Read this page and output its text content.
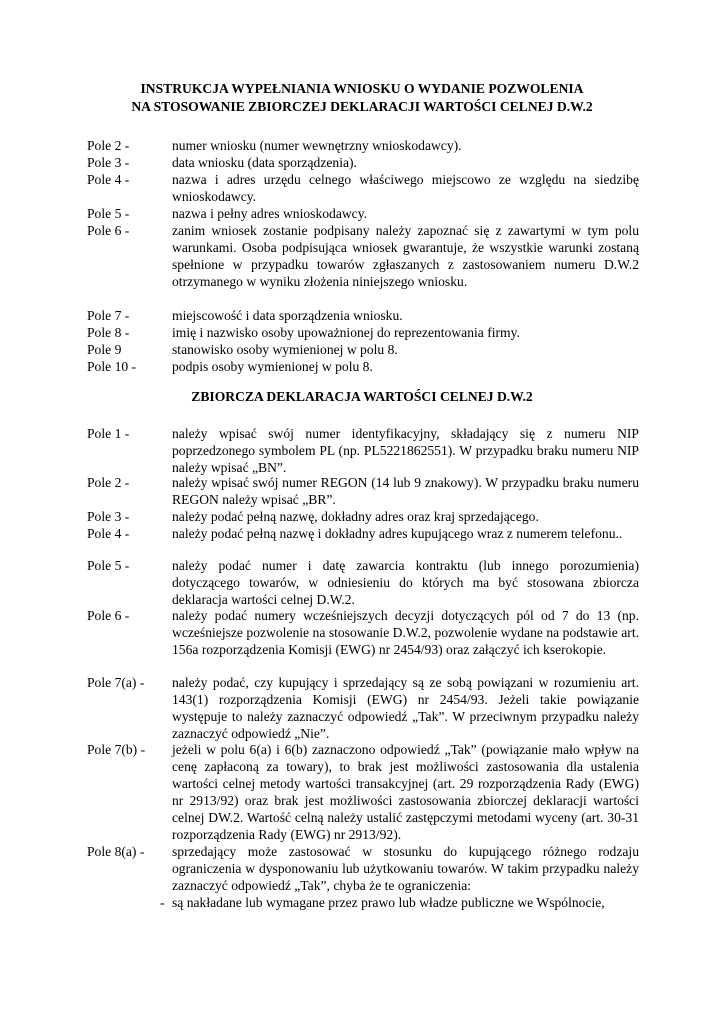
INSTRUKCJA WYPEŁNIANIA WNIOSKU O WYDANIE POZWOLENIA
NA STOSOWANIE ZBIORCZEJ DEKLARACJI WARTOŚCI CELNEJ D.W.2
Pole 2 -	numer wniosku (numer wewnętrzny wnioskodawcy).
Pole 3 -	data wniosku (data sporządzenia).
Pole 4 -	nazwa i adres urzędu celnego właściwego miejscowo ze względu na siedzibę wnioskodawcy.
Pole 5 -	nazwa i pełny adres wnioskodawcy.
Pole 6 -	zanim wniosek zostanie podpisany należy zapoznać się z zawartymi w tym polu warunkami. Osoba podpisująca wniosek gwarantuje, że wszystkie warunki zostaną spełnione w przypadku towarów zgłaszanych z zastosowaniem numeru D.W.2 otrzymanego w wyniku złożenia niniejszego wniosku.
Pole 7 -	miejscowość i data sporządzenia wniosku.
Pole 8 -	imię i nazwisko osoby upoważnionej do reprezentowania firmy.
Pole 9	stanowisko osoby wymienionej w polu 8.
Pole 10 -	podpis osoby wymienionej w polu 8.
ZBIORCZA DEKLARACJA WARTOŚCI CELNEJ D.W.2
Pole 1 -	należy wpisać swój numer identyfikacyjny, składający się z numeru NIP poprzedzonego symbolem PL (np. PL5221862551). W przypadku braku numeru NIP należy wpisać „BN”.
Pole 2 -	należy wpisać swój numer REGON (14 lub 9 znakowy). W przypadku braku numeru REGON należy wpisać „BR”.
Pole 3 -	należy podać pełną nazwę, dokładny adres oraz kraj sprzedającego.
Pole 4 -	należy podać pełną nazwę i dokładny adres kupującego wraz z numerem telefonu..
Pole 5 -	należy podać numer i datę zawarcia kontraktu (lub innego porozumienia) dotyczącego towarów, w odniesieniu do których ma być stosowana zbiorcza deklaracja wartości celnej D.W.2.
Pole 6 -	należy podać numery wcześniejszych decyzji dotyczących pól od 7 do 13 (np. wcześniejsze pozwolenie na stosowanie D.W.2, pozwolenie wydane na podstawie art. 156a rozporządzenia Komisji (EWG) nr 2454/93) oraz załączyć ich kserokopie.
Pole 7(a) - należy podać, czy kupujący i sprzedający są ze sobą powiązani w rozumieniu art. 143(1) rozporządzenia Komisji (EWG) nr 2454/93. Jeżeli takie powiązanie występuje to należy zaznaczyć odpowiedź „Tak”. W przeciwnym przypadku należy zaznaczyć odpowiedź „Nie”.
Pole 7(b) - jeżeli w polu 6(a) i 6(b) zaznaczono odpowiedź „Tak” (powiązanie mało wpływ na cenę zapłaconą za towary), to brak jest możliwości zastosowania dla ustalenia wartości celnej metody wartości transakcyjnej (art. 29 rozporządzenia Rady (EWG) nr 2913/92) oraz brak jest możliwości zastosowania zbiorczej deklaracji wartości celnej DW.2. Wartość celną należy ustalić zastępczymi metodami wyceny (art. 30-31 rozporządzenia Rady (EWG) nr 2913/92).
Pole 8(a) - sprzedający może zastosować w stosunku do kupującego różnego rodzaju ograniczenia w dysponowaniu lub użytkowaniu towarów. W takim przypadku należy zaznaczyć odpowiedź „Tak”, chyba że te ograniczenia:
- są nakładane lub wymagane przez prawo lub władze publiczne we Wspólnocie,
